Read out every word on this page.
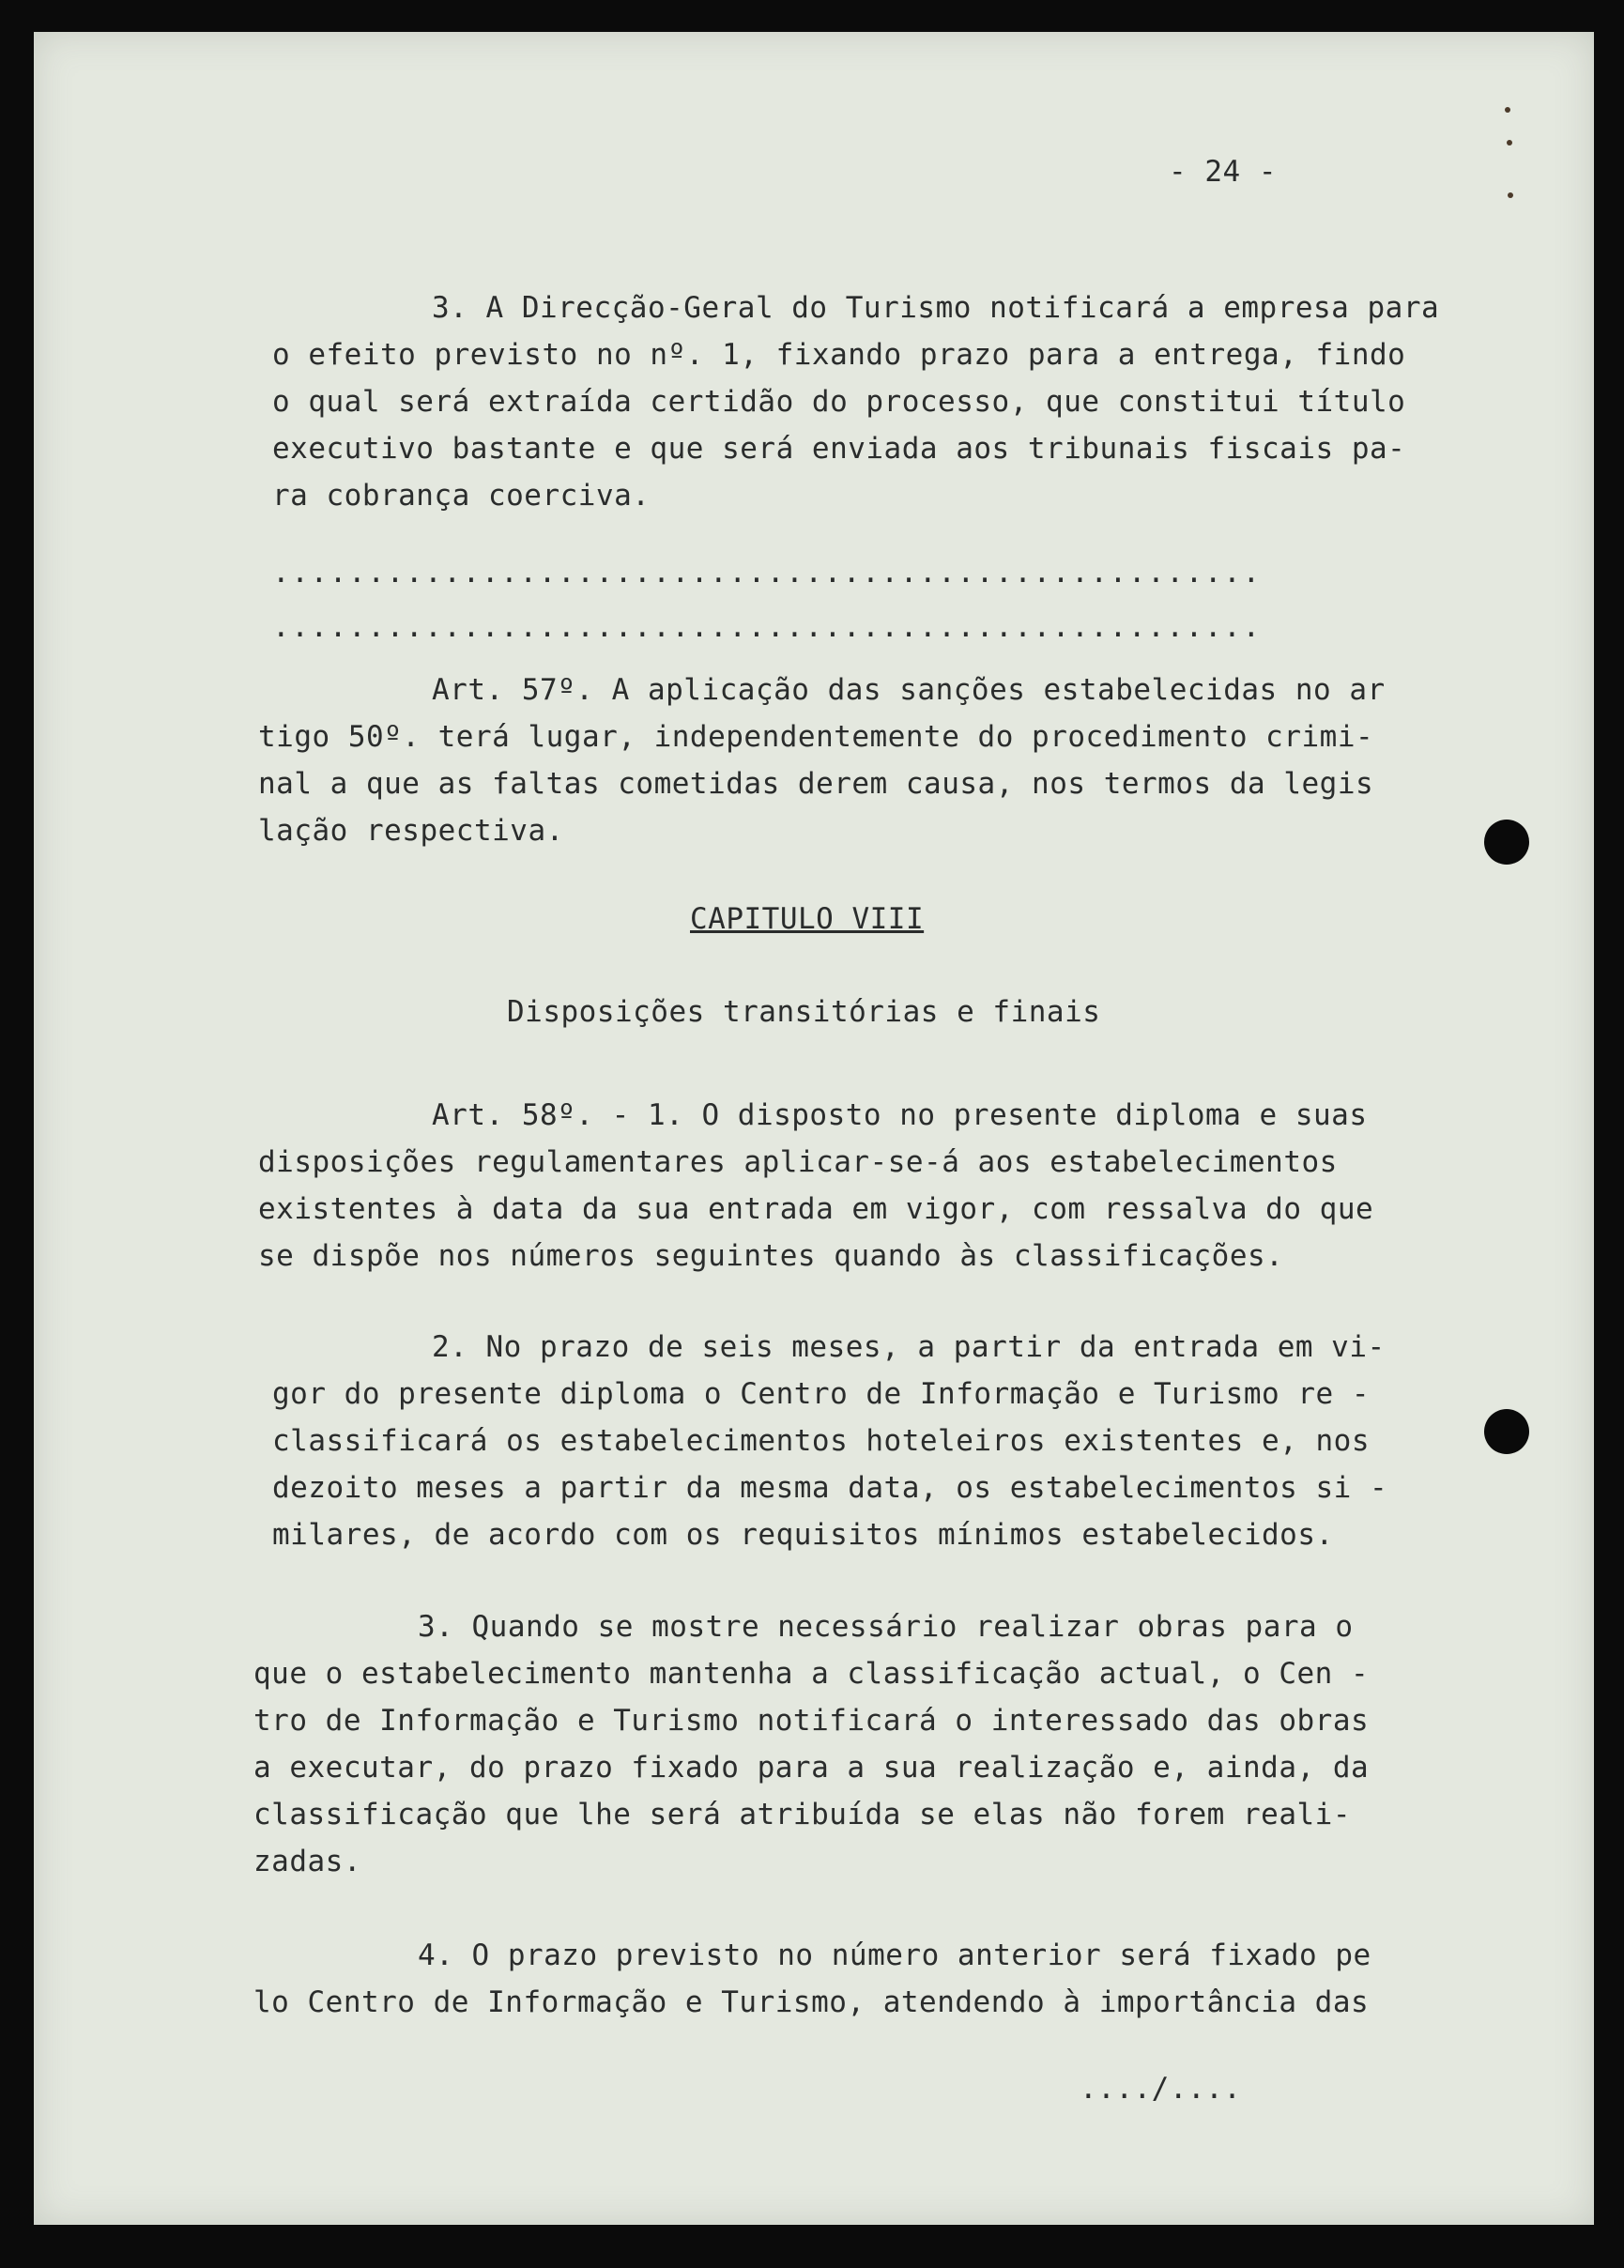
- 24 -
3. A Direcção-Geral do Turismo notificará a empresa para
o efeito previsto no nº. 1, fixando prazo para a entrega, findo
o qual será extraída certidão do processo, que constitui título
executivo bastante e que será enviada aos tribunais fiscais pa-
ra cobrança coerciva.
....................................................
....................................................
Art. 57º. A aplicação das sanções estabelecidas no ar
tigo 50º. terá lugar, independentemente do procedimento crimi-
nal a que as faltas cometidas derem causa, nos termos da legis
lação respectiva.
CAPITULO VIII
Disposições transitórias e finais
Art. 58º. - 1. O disposto no presente diploma e suas
disposições regulamentares aplicar-se-á aos estabelecimentos
existentes à data da sua entrada em vigor, com ressalva do que
se dispõe nos números seguintes quando às classificações.
2. No prazo de seis meses, a partir da entrada em vi-
gor do presente diploma o Centro de Informação e Turismo re -
classificará os estabelecimentos hoteleiros existentes e, nos
dezoito meses a partir da mesma data, os estabelecimentos si -
milares, de acordo com os requisitos mínimos estabelecidos.
3. Quando se mostre necessário realizar obras para o
que o estabelecimento mantenha a classificação actual, o Cen -
tro de Informação e Turismo notificará o interessado das obras
a executar, do prazo fixado para a sua realização e, ainda, da
classificação que lhe será atribuída se elas não forem reali-
zadas.
4. O prazo previsto no número anterior será fixado pe
lo Centro de Informação e Turismo, atendendo à importância das
..../....
